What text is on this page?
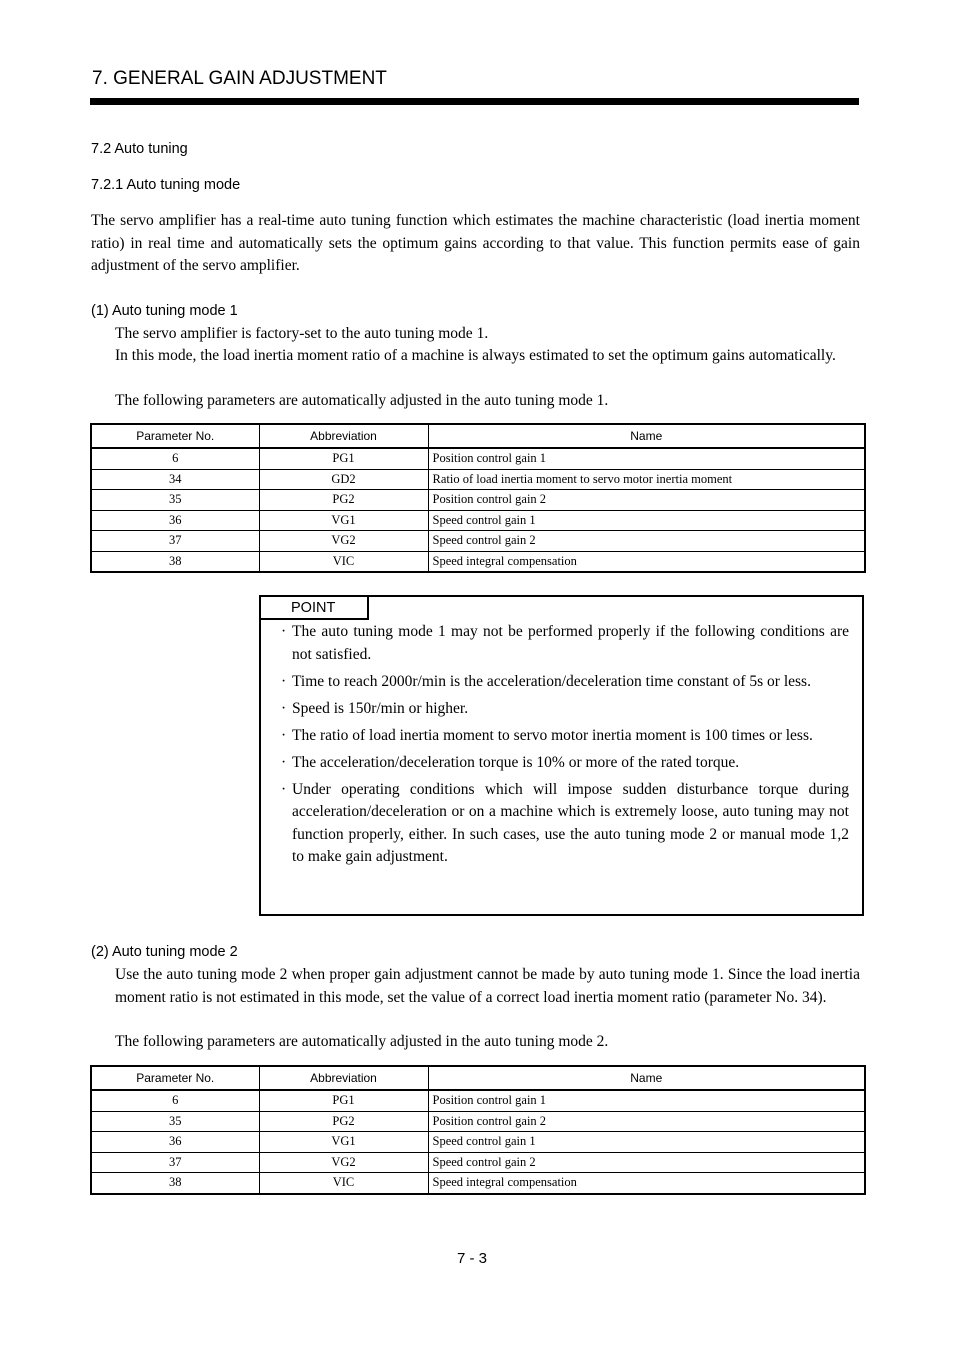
7. GENERAL GAIN ADJUSTMENT
7.2 Auto tuning
7.2.1 Auto tuning mode
The servo amplifier has a real-time auto tuning function which estimates the machine characteristic (load inertia moment ratio) in real time and automatically sets the optimum gains according to that value. This function permits ease of gain adjustment of the servo amplifier.
(1) Auto tuning mode 1
The servo amplifier is factory-set to the auto tuning mode 1.
In this mode, the load inertia moment ratio of a machine is always estimated to set the optimum gains automatically.
The following parameters are automatically adjusted in the auto tuning mode 1.
Parameter No.	Abbreviation	Name
6	PG1	Position control gain 1
34	GD2	Ratio of load inertia moment to servo motor inertia moment
35	PG2	Position control gain 2
36	VG1	Speed control gain 1
37	VG2	Speed control gain 2
38	VIC	Speed integral compensation
POINT
· The auto tuning mode 1 may not be performed properly if the following conditions are not satisfied.
· Time to reach 2000r/min is the acceleration/deceleration time constant of 5s or less.
· Speed is 150r/min or higher.
· The ratio of load inertia moment to servo motor inertia moment is 100 times or less.
· The acceleration/deceleration torque is 10% or more of the rated torque.
· Under operating conditions which will impose sudden disturbance torque during acceleration/deceleration or on a machine which is extremely loose, auto tuning may not function properly, either. In such cases, use the auto tuning mode 2 or manual mode 1,2 to make gain adjustment.
(2) Auto tuning mode 2
Use the auto tuning mode 2 when proper gain adjustment cannot be made by auto tuning mode 1. Since the load inertia moment ratio is not estimated in this mode, set the value of a correct load inertia moment ratio (parameter No. 34).
The following parameters are automatically adjusted in the auto tuning mode 2.
Parameter No.	Abbreviation	Name
6	PG1	Position control gain 1
35	PG2	Position control gain 2
36	VG1	Speed control gain 1
37	VG2	Speed control gain 2
38	VIC	Speed integral compensation
7 - 3
